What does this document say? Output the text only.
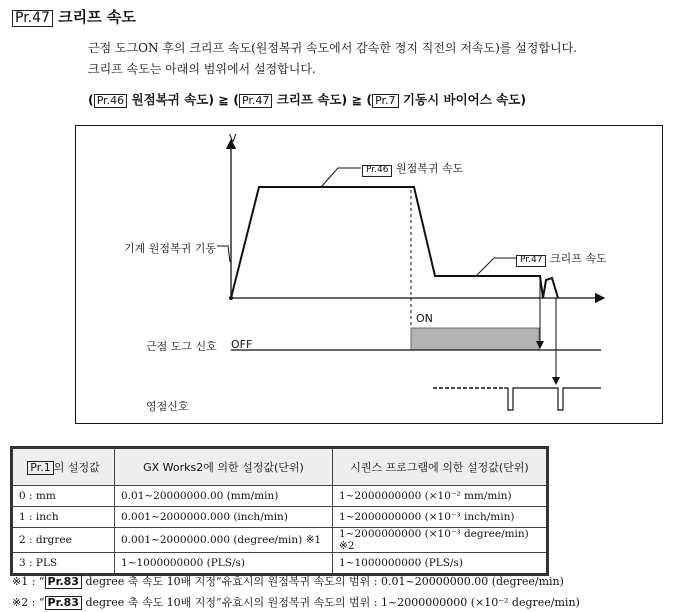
Pr.47 크리프 속도
근점 도그ON 후의 크리프 속도(원점복귀 속도에서 감속한 정지 직전의 저속도)를 설정합니다.
크리프 속도는 아래의 범위에서 설정합니다.
( Pr.46 원점복귀 속도) ≧ ( Pr.47 크리프 속도) ≧ ( Pr.7 기동시 바이어스 속도)
V
Pr.46 원점복귀 속도
Pr.47 크리프 속도
기계 원점복귀 기동
ON
근점 도그 신호 OFF
영점신호
Pr.1 의 설정값	GX Works2에 의한 설정값(단위)	시퀀스 프로그램에 의한 설정값(단위)
0 : mm	0.01~20000000.00 (mm/min)	1~2000000000 (×10⁻² mm/min)
1 : inch	0.001~2000000.000 (inch/min)	1~2000000000 (×10⁻³ inch/min)
2 : drgree	0.001~2000000.000 (degree/min) ※1	1~2000000000 (×10⁻³ degree/min) ※2
3 : PLS	1~1000000000 (PLS/s)	1~1000000000 (PLS/s)
※1 : “ Pr.83 degree 축 속도 10배 지정”유효시의 원점복귀 속도의 범위 : 0.01~20000000.00 (degree/min)
※2 : “ Pr.83 degree 축 속도 10배 지정”유효시의 원점복귀 속도의 범위 : 1~2000000000 (×10⁻² degree/min)
